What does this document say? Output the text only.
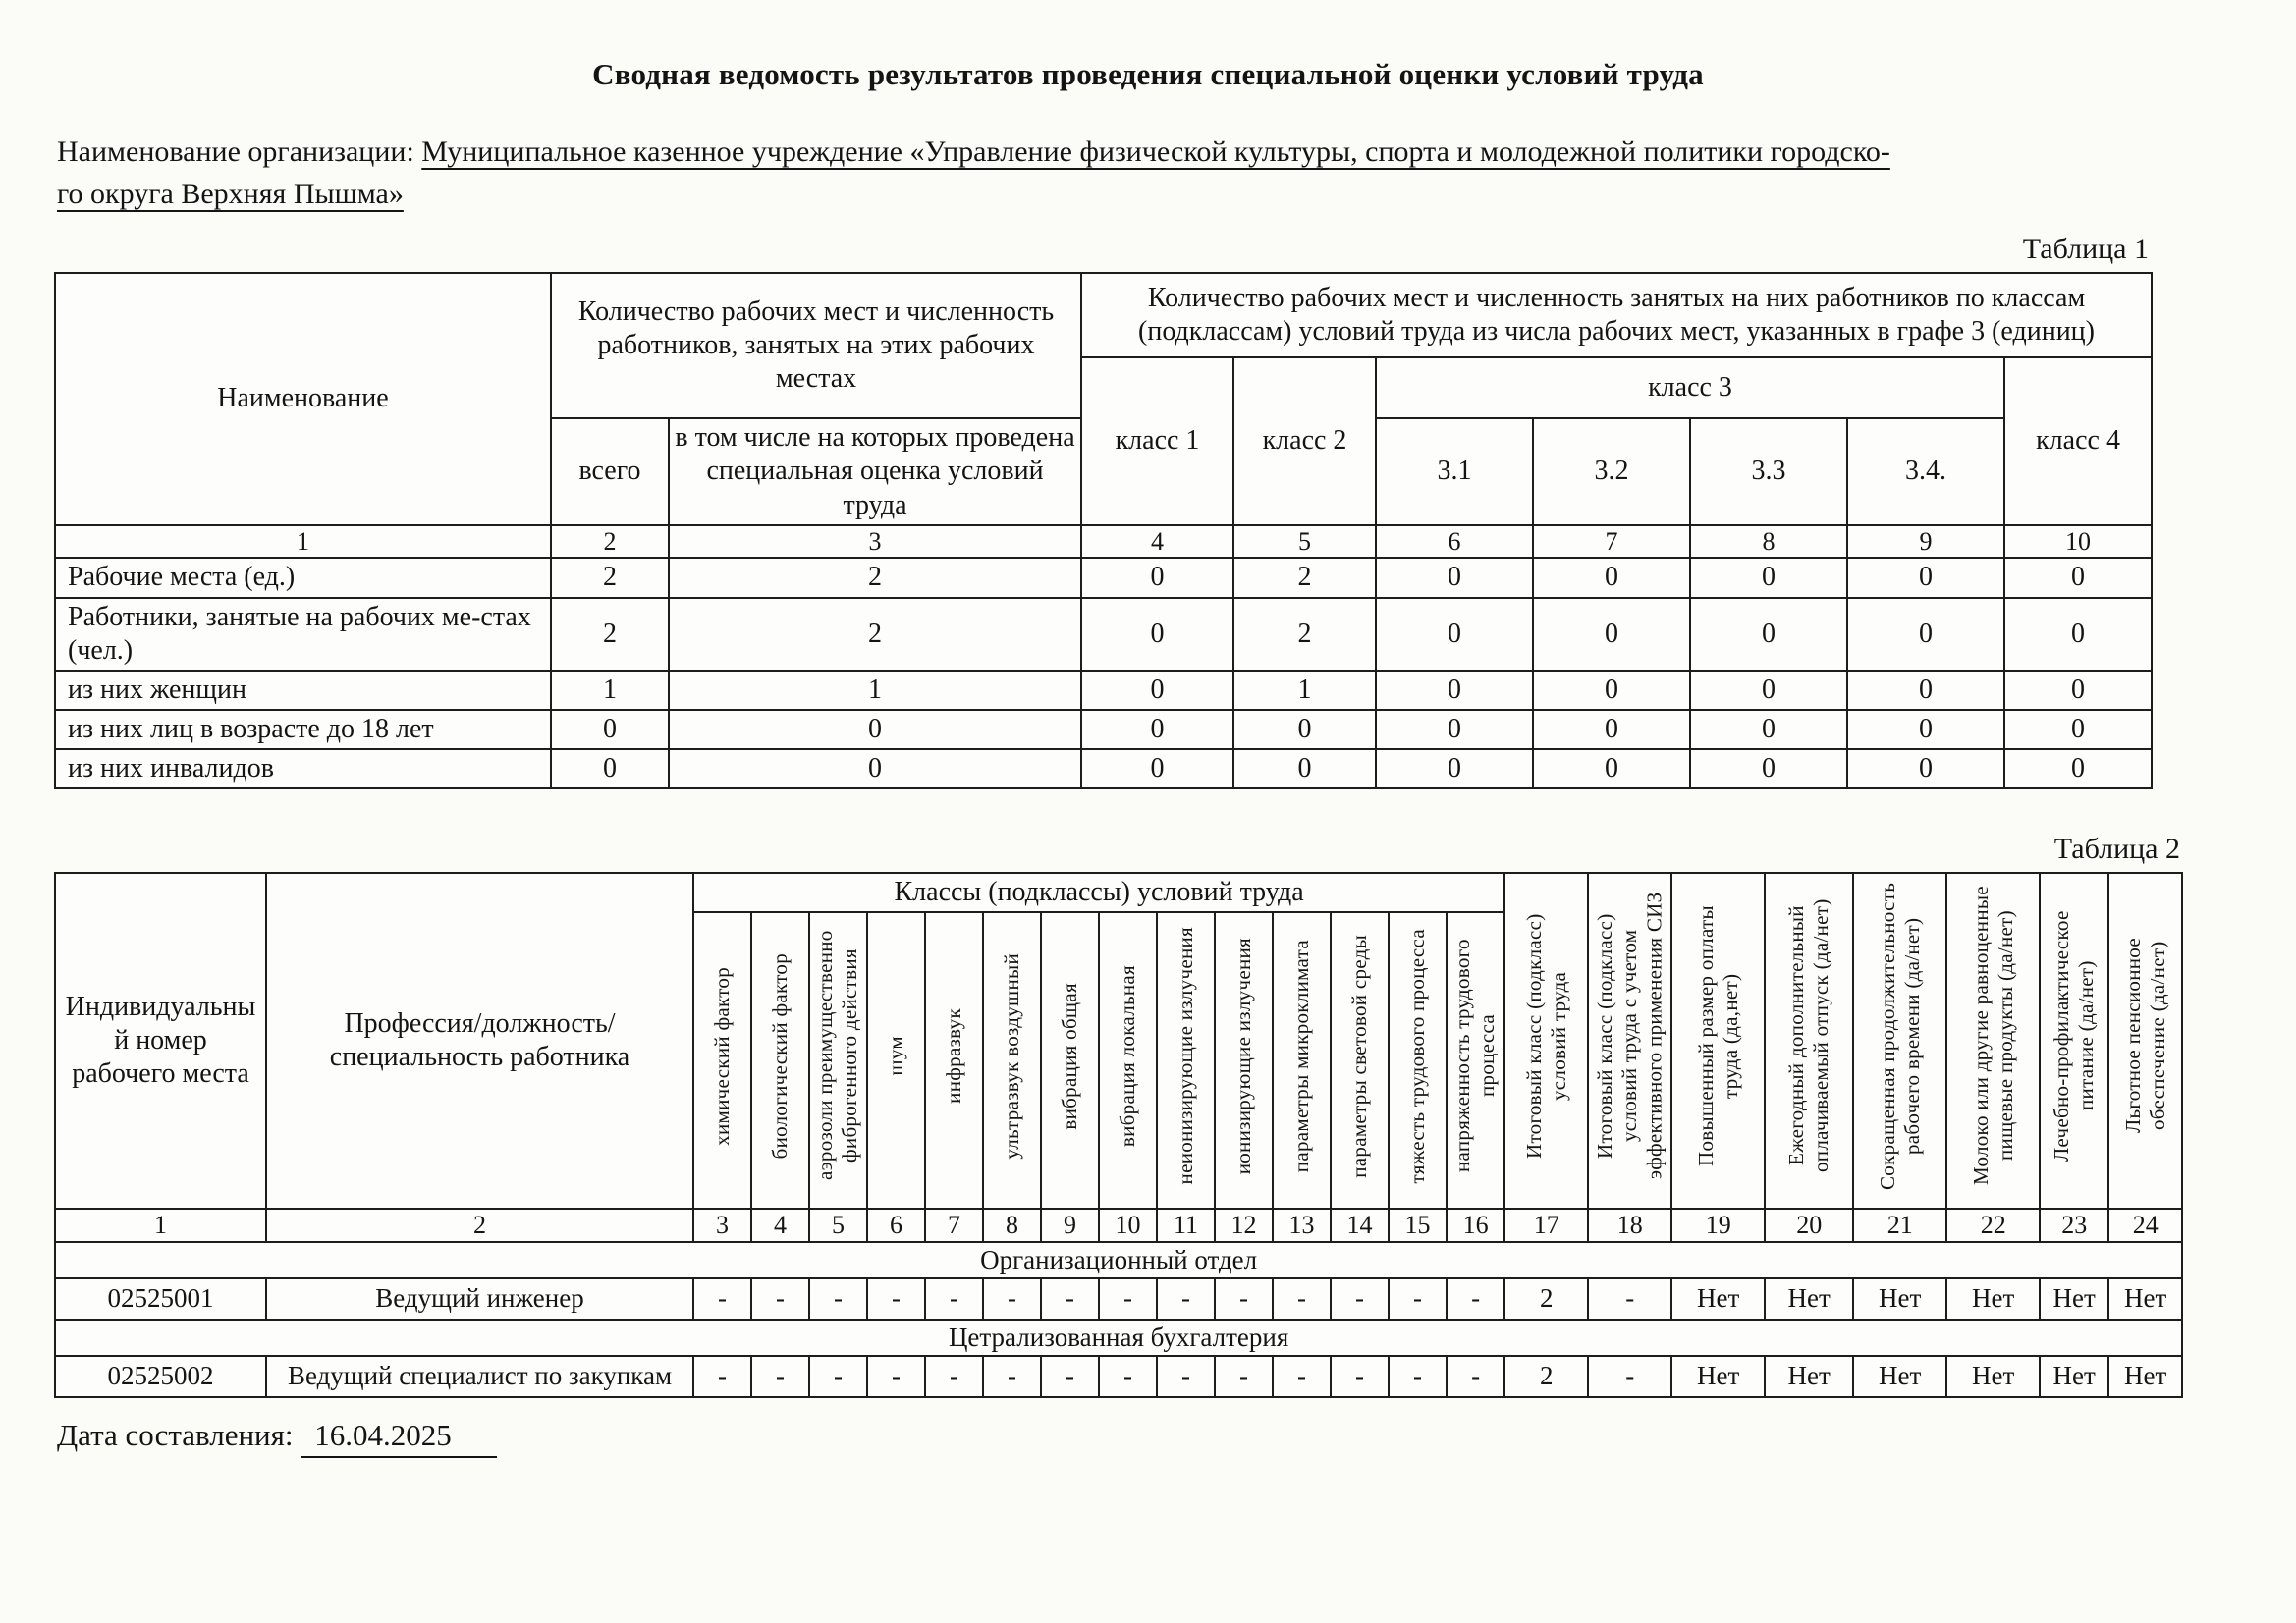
Сводная ведомость результатов проведения специальной оценки условий труда
Наименование организации: Муниципальное казенное учреждение «Управление физической культуры, спорта и молодежной политики городско-
го округа Верхняя Пышма»
Таблица 1
Наименование	Количество рабочих мест и численность работников, занятых на этих рабочих местах		Количество рабочих мест и численность занятых на них работников по классам (подклассам) условий труда из числа рабочих мест, указанных в графе 3 (единиц)						
			класс 1	класс 2	класс 3				класс 4
	всего	в том числе на которых проведена специальная оценка условий труда			3.1	3.2	3.3	3.4.	
1	2	3	4	5	6	7	8	9	10
Рабочие места (ед.)	2	2	0	2	0	0	0	0	0
Работники, занятые на рабочих ме-стах (чел.)	2	2	0	2	0	0	0	0	0
из них женщин	1	1	0	1	0	0	0	0	0
из них лиц в возрасте до 18 лет	0	0	0	0	0	0	0	0	0
из них инвалидов	0	0	0	0	0	0	0	0	0
Таблица 2
Индивидуальный номер рабочего места	Профессия/должность/специальность работника	Классы (подклассы) условий труда														Итоговый класс (подкласс) условий труда	Итоговый класс (подкласс) условий труда с учетом эффективного применения СИЗ	Повышенный размер оплаты труда (да,нет)	Ежегодный дополнительный оплачиваемый отпуск (да/нет)	Сокращенная продолжительность рабочего времени (да/нет)	Молоко или другие равноценные пищевые продукты (да/нет)	Лечебно-профилактическое питание (да/нет)	Льготное пенсионное обеспечение (да/нет)
		химический фактор	биологический фактор	аэрозоли преимущественно фиброгенного действия	шум	инфразвук	ультразвук воздушный	вибрация общая	вибрация локальная	неионизирующие излучения	ионизирующие излучения	параметры микроклимата	параметры световой среды	тяжесть трудового процесса	напряженность трудового процесса								
1	2	3	4	5	6	7	8	9	10	11	12	13	14	15	16	17	18	19	20	21	22	23	24
Организационный отдел																							
02525001	Ведущий инженер	-	-	-	-	-	-	-	-	-	-	-	-	-	-	2	-	Нет	Нет	Нет	Нет	Нет	Нет
Цетрализованная бухгалтерия																							
02525002	Ведущий специалист по закупкам	-	-	-	-	-	-	-	-	-	-	-	-	-	-	2	-	Нет	Нет	Нет	Нет	Нет	Нет
Дата составления: 16.04.2025
